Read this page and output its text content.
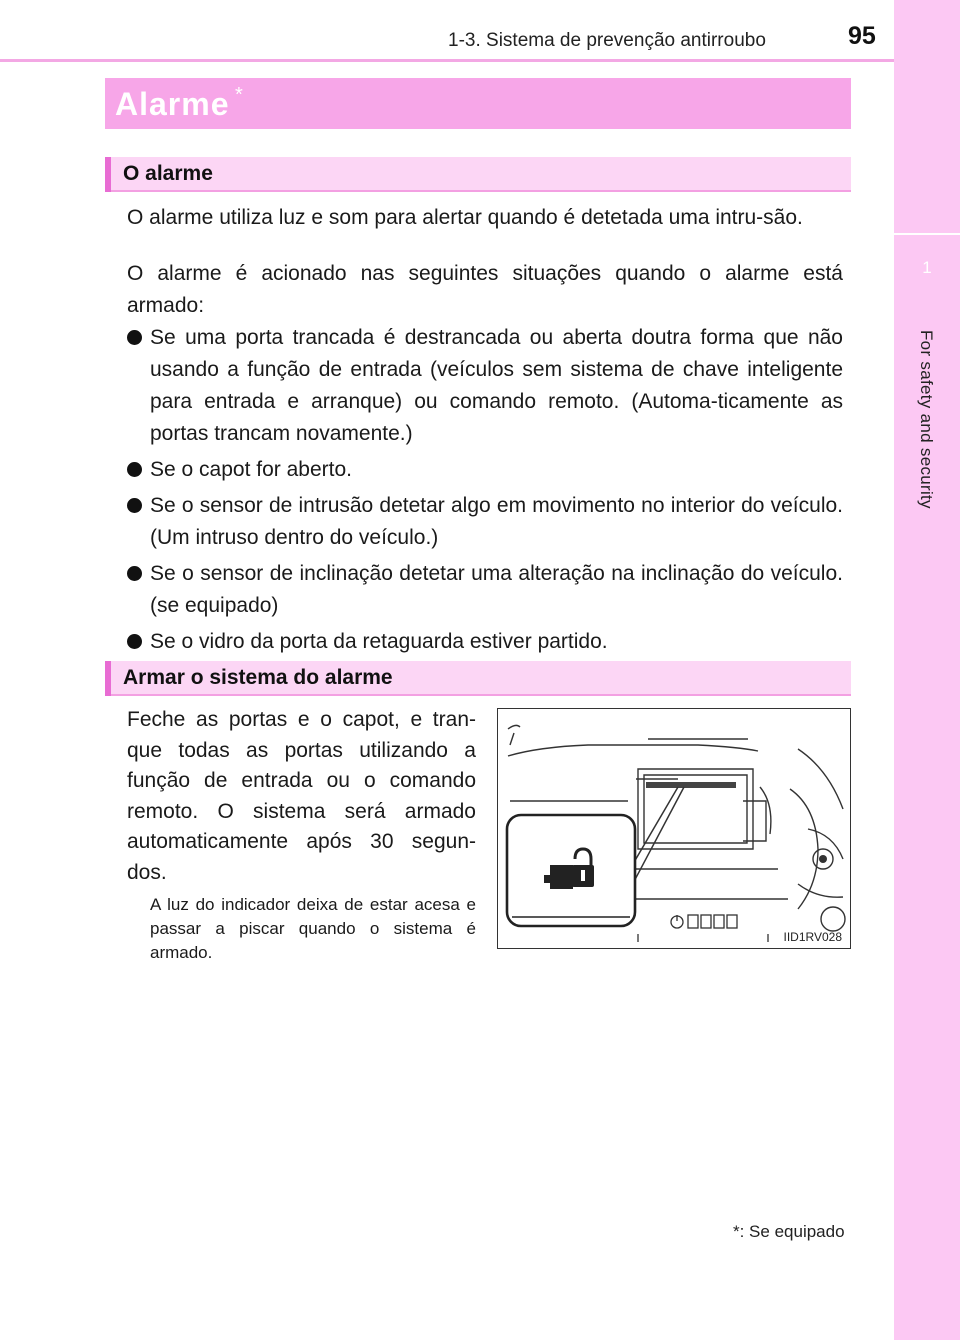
1
For safety and security
1-3. Sistema de prevenção antirroubo	95
Alarme *
O alarme

O alarme utiliza luz e som para alertar quando é detetada uma intru-são.

O alarme é acionado nas seguintes situações quando o alarme está armado:

Se uma porta trancada é destrancada ou aberta doutra forma que não usando a função de entrada (veículos sem sistema de chave inteligente para entrada e arranque) ou comando remoto. (Automa-ticamente as portas trancam novamente.)
Se o capot for aberto.
Se o sensor de intrusão detetar algo em movimento no interior do veículo. (Um intruso dentro do veículo.)
Se o sensor de inclinação detetar uma alteração na inclinação do veículo. (se equipado)
Se o vidro da porta da retaguarda estiver partido.
Armar o sistema do alarme

Feche as portas e o capot, e tran-que todas as portas utilizando a função de entrada ou o comando remoto. O sistema será armado automaticamente após 30 segun-dos.

A luz do indicador deixa de estar acesa e passar a piscar quando o sistema é armado.

IID1RV028
*: Se equipado
